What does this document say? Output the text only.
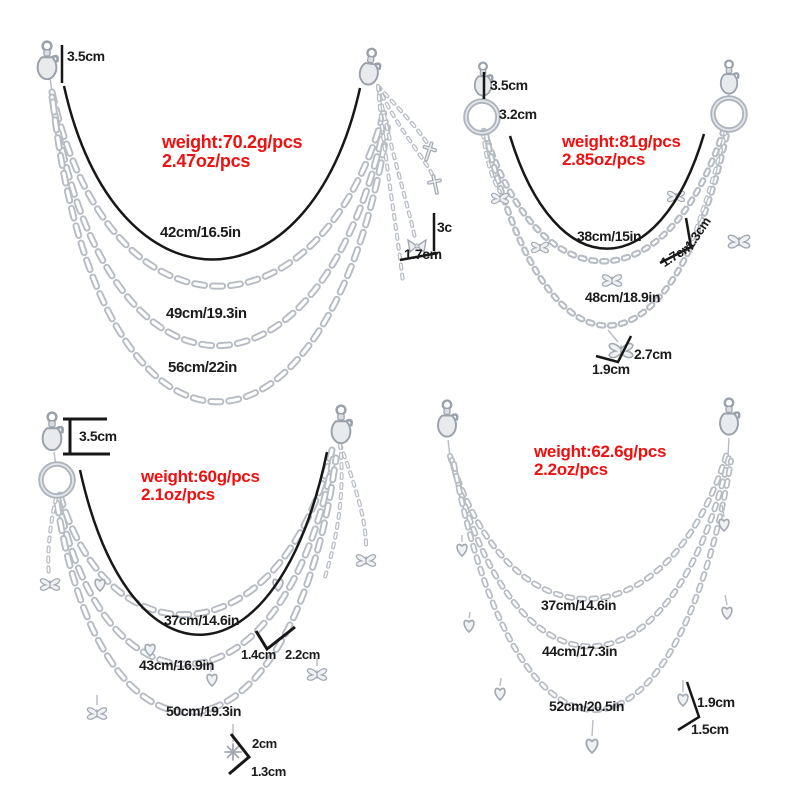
3.5cm
weight:70.2g/pcs
2.47oz/pcs
42cm/16.5in
49cm/19.3in
56cm/22in
3c
1.7cm
3.5cm
3.2cm
weight:81g/pcs
2.85oz/pcs
38cm/15in
48cm/18.9in
1.3cm
1.7cm
2.7cm
1.9cm
3.5cm
weight:60g/pcs
2.1oz/pcs
37cm/14.6in
43cm/16.9in
50cm/19.3in
1.4cm 2.2cm
2cm
1.3cm
weight:62.6g/pcs
2.2oz/pcs
37cm/14.6in
44cm/17.3in
52cm/20.5in	1.9cm
1.5cm
